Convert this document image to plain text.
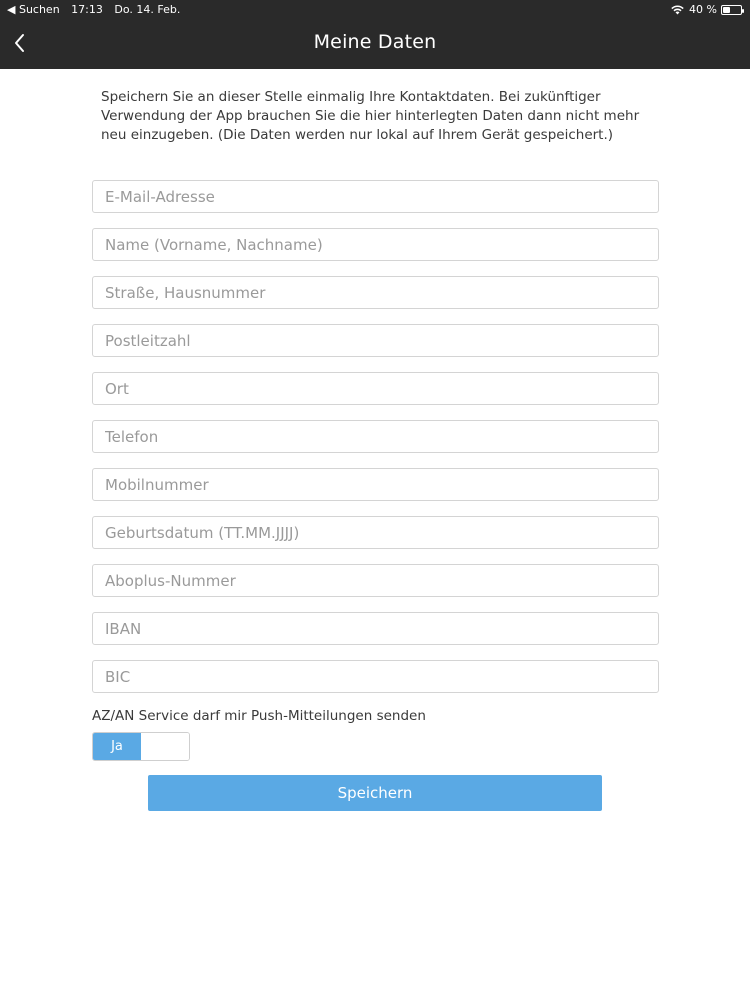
◀ Suchen 17:13 Do. 14. Feb.	40 %
Meine Daten

Speichern Sie an dieser Stelle einmalig Ihre Kontaktdaten. Bei zukünftiger Verwendung der App brauchen Sie die hier hinterlegten Daten dann nicht mehr neu einzugeben. (Die Daten werden nur lokal auf Ihrem Gerät gespeichert.)

E-Mail-Adresse
Name (Vorname, Nachname)
Straße, Hausnummer
Postleitzahl
Ort
Telefon
Mobilnummer
Geburtsdatum (TT.MM.JJJJ)
Aboplus-Nummer
IBAN
BIC
AZ/AN Service darf mir Push-Mitteilungen senden
Ja
Speichern
